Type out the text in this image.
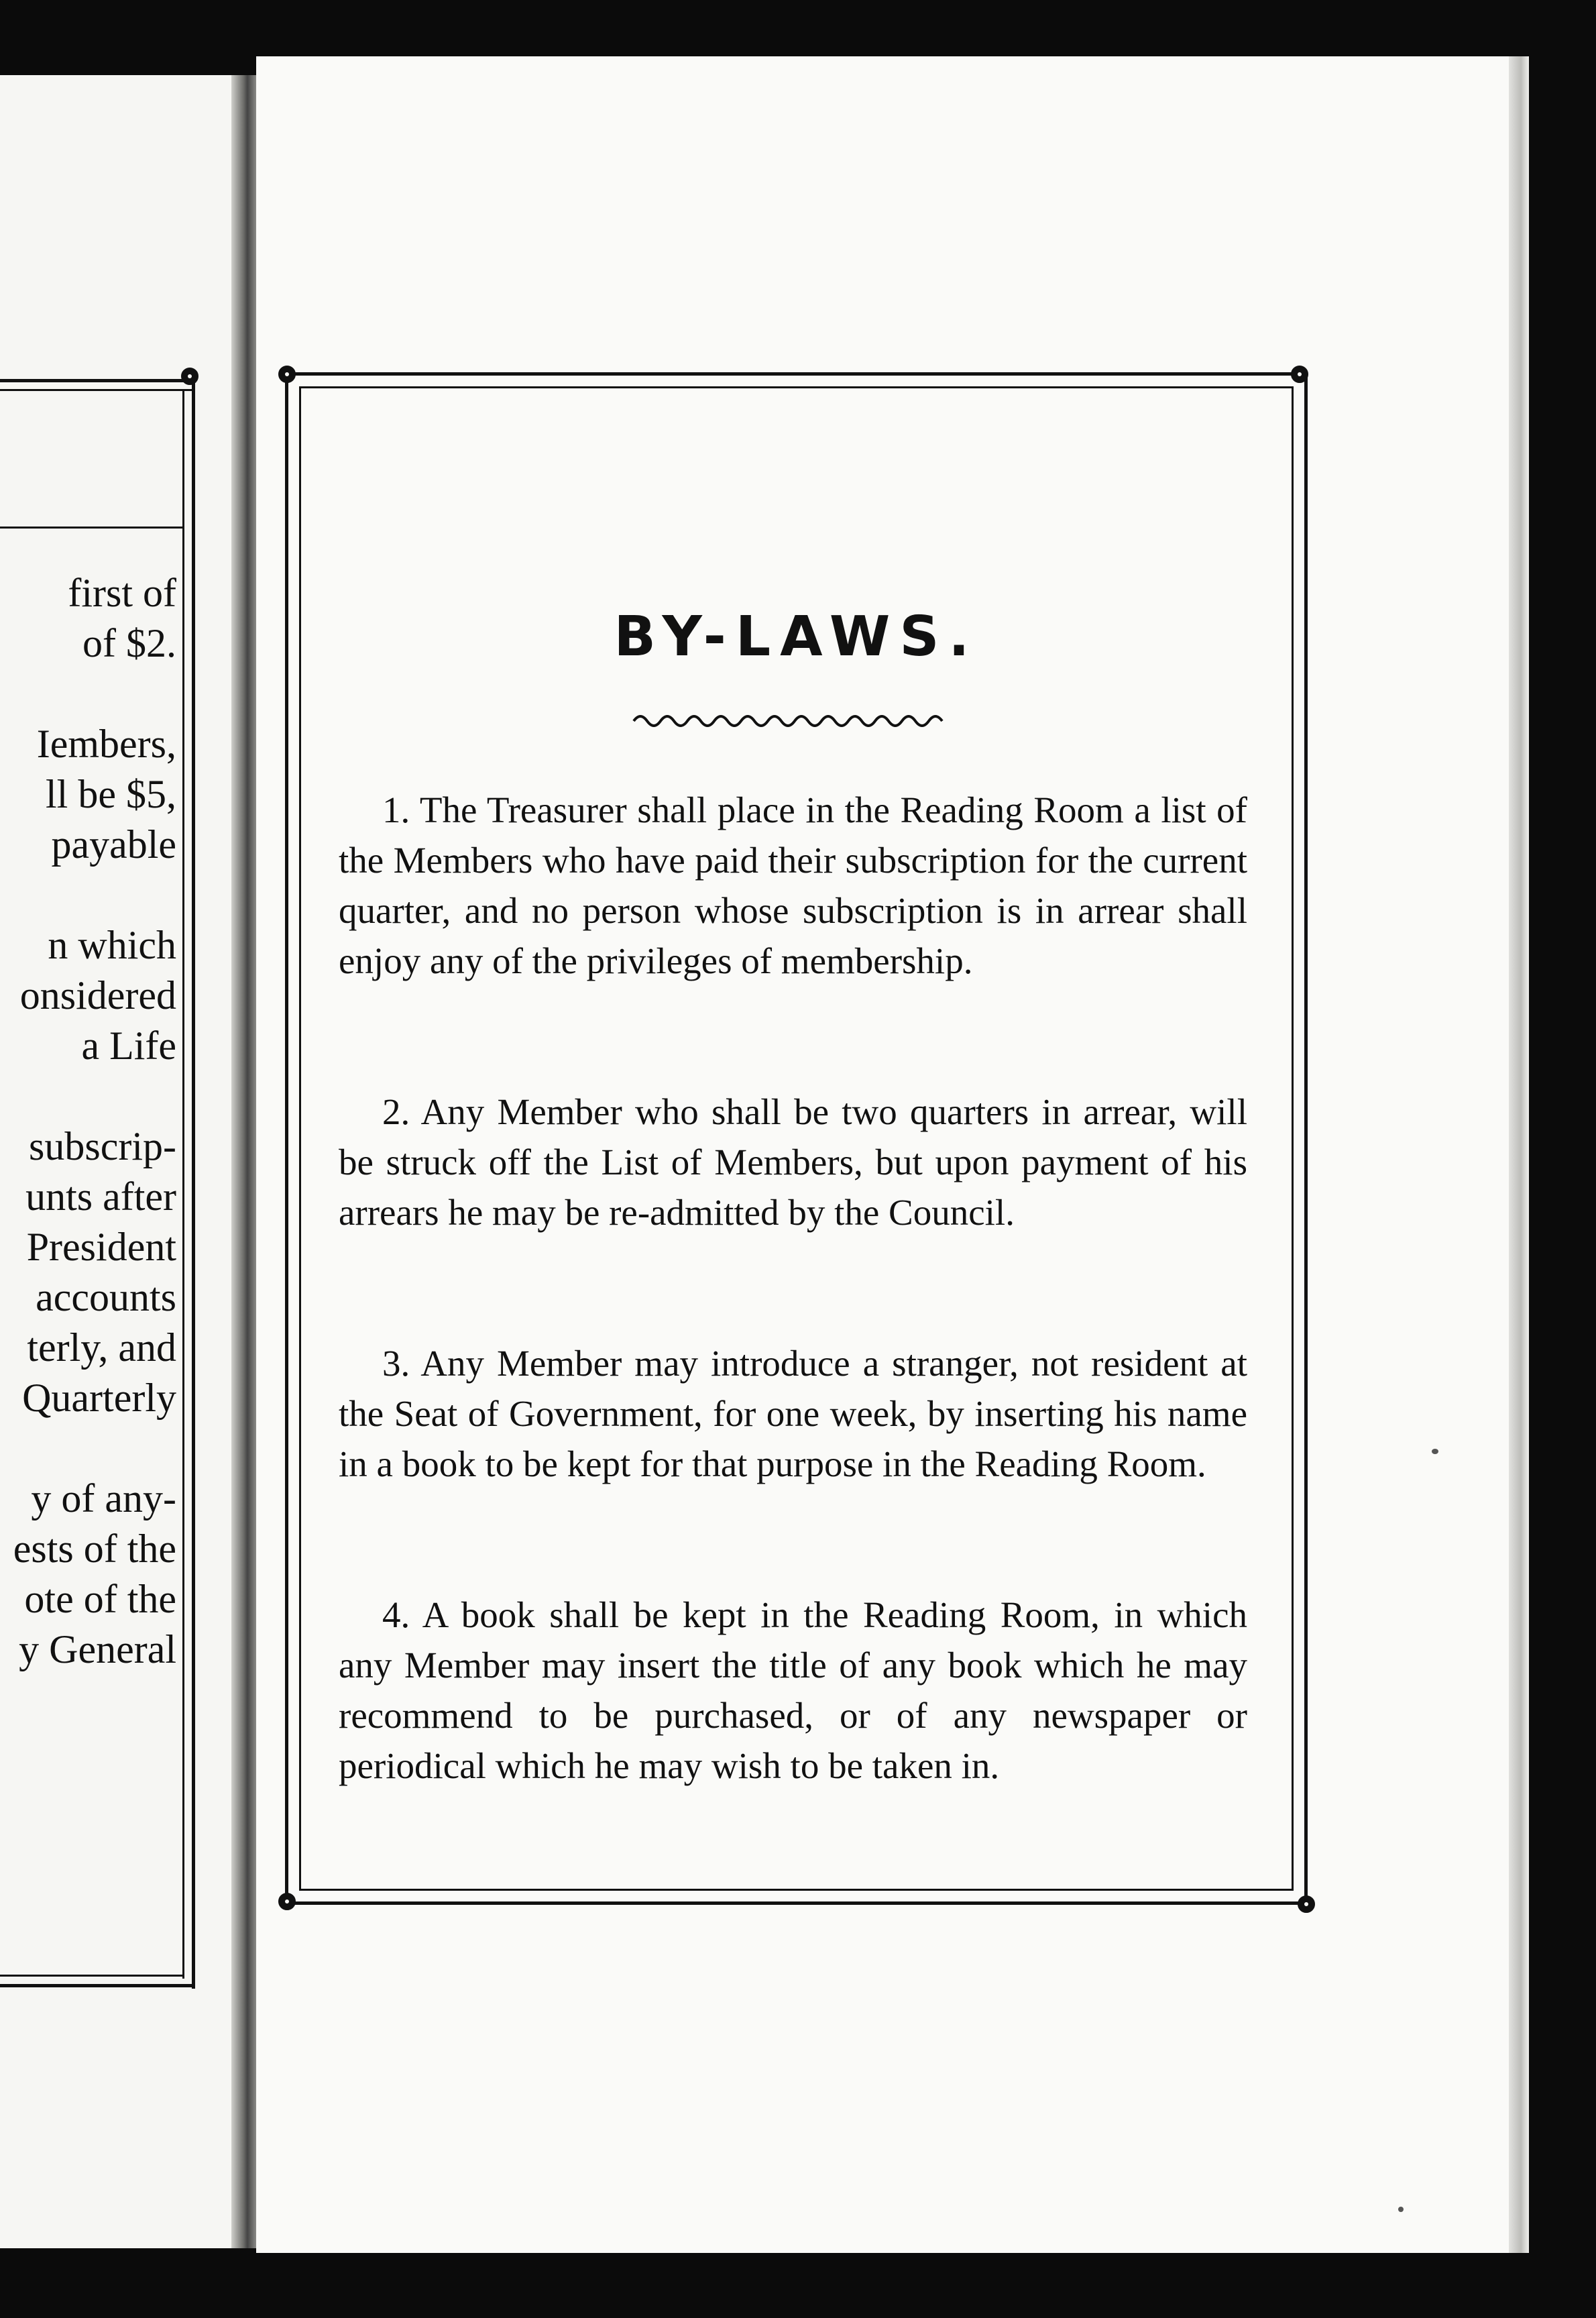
first of
of $2.
Iembers,
ll be $5,
payable
n which
onsidered
a Life
subscrip-
unts after
President
accounts
terly, and
Quarterly
y of any-
ests of the
ote of the
y General
BY-LAWS.
1. The Treasurer shall place in the Reading Room a list of the Members who have paid their subscription for the current quarter, and no person whose subscription is in arrear shall enjoy any of the privileges of membership.
2. Any Member who shall be two quarters in arrear, will be struck off the List of Members, but upon payment of his arrears he may be re-admitted by the Council.
3. Any Member may introduce a stranger, not resident at the Seat of Government, for one week, by inserting his name in a book to be kept for that purpose in the Reading Room.
4. A book shall be kept in the Reading Room, in which any Member may insert the title of any book which he may recommend to be purchased, or of any newspaper or periodical which he may wish to be taken in.
